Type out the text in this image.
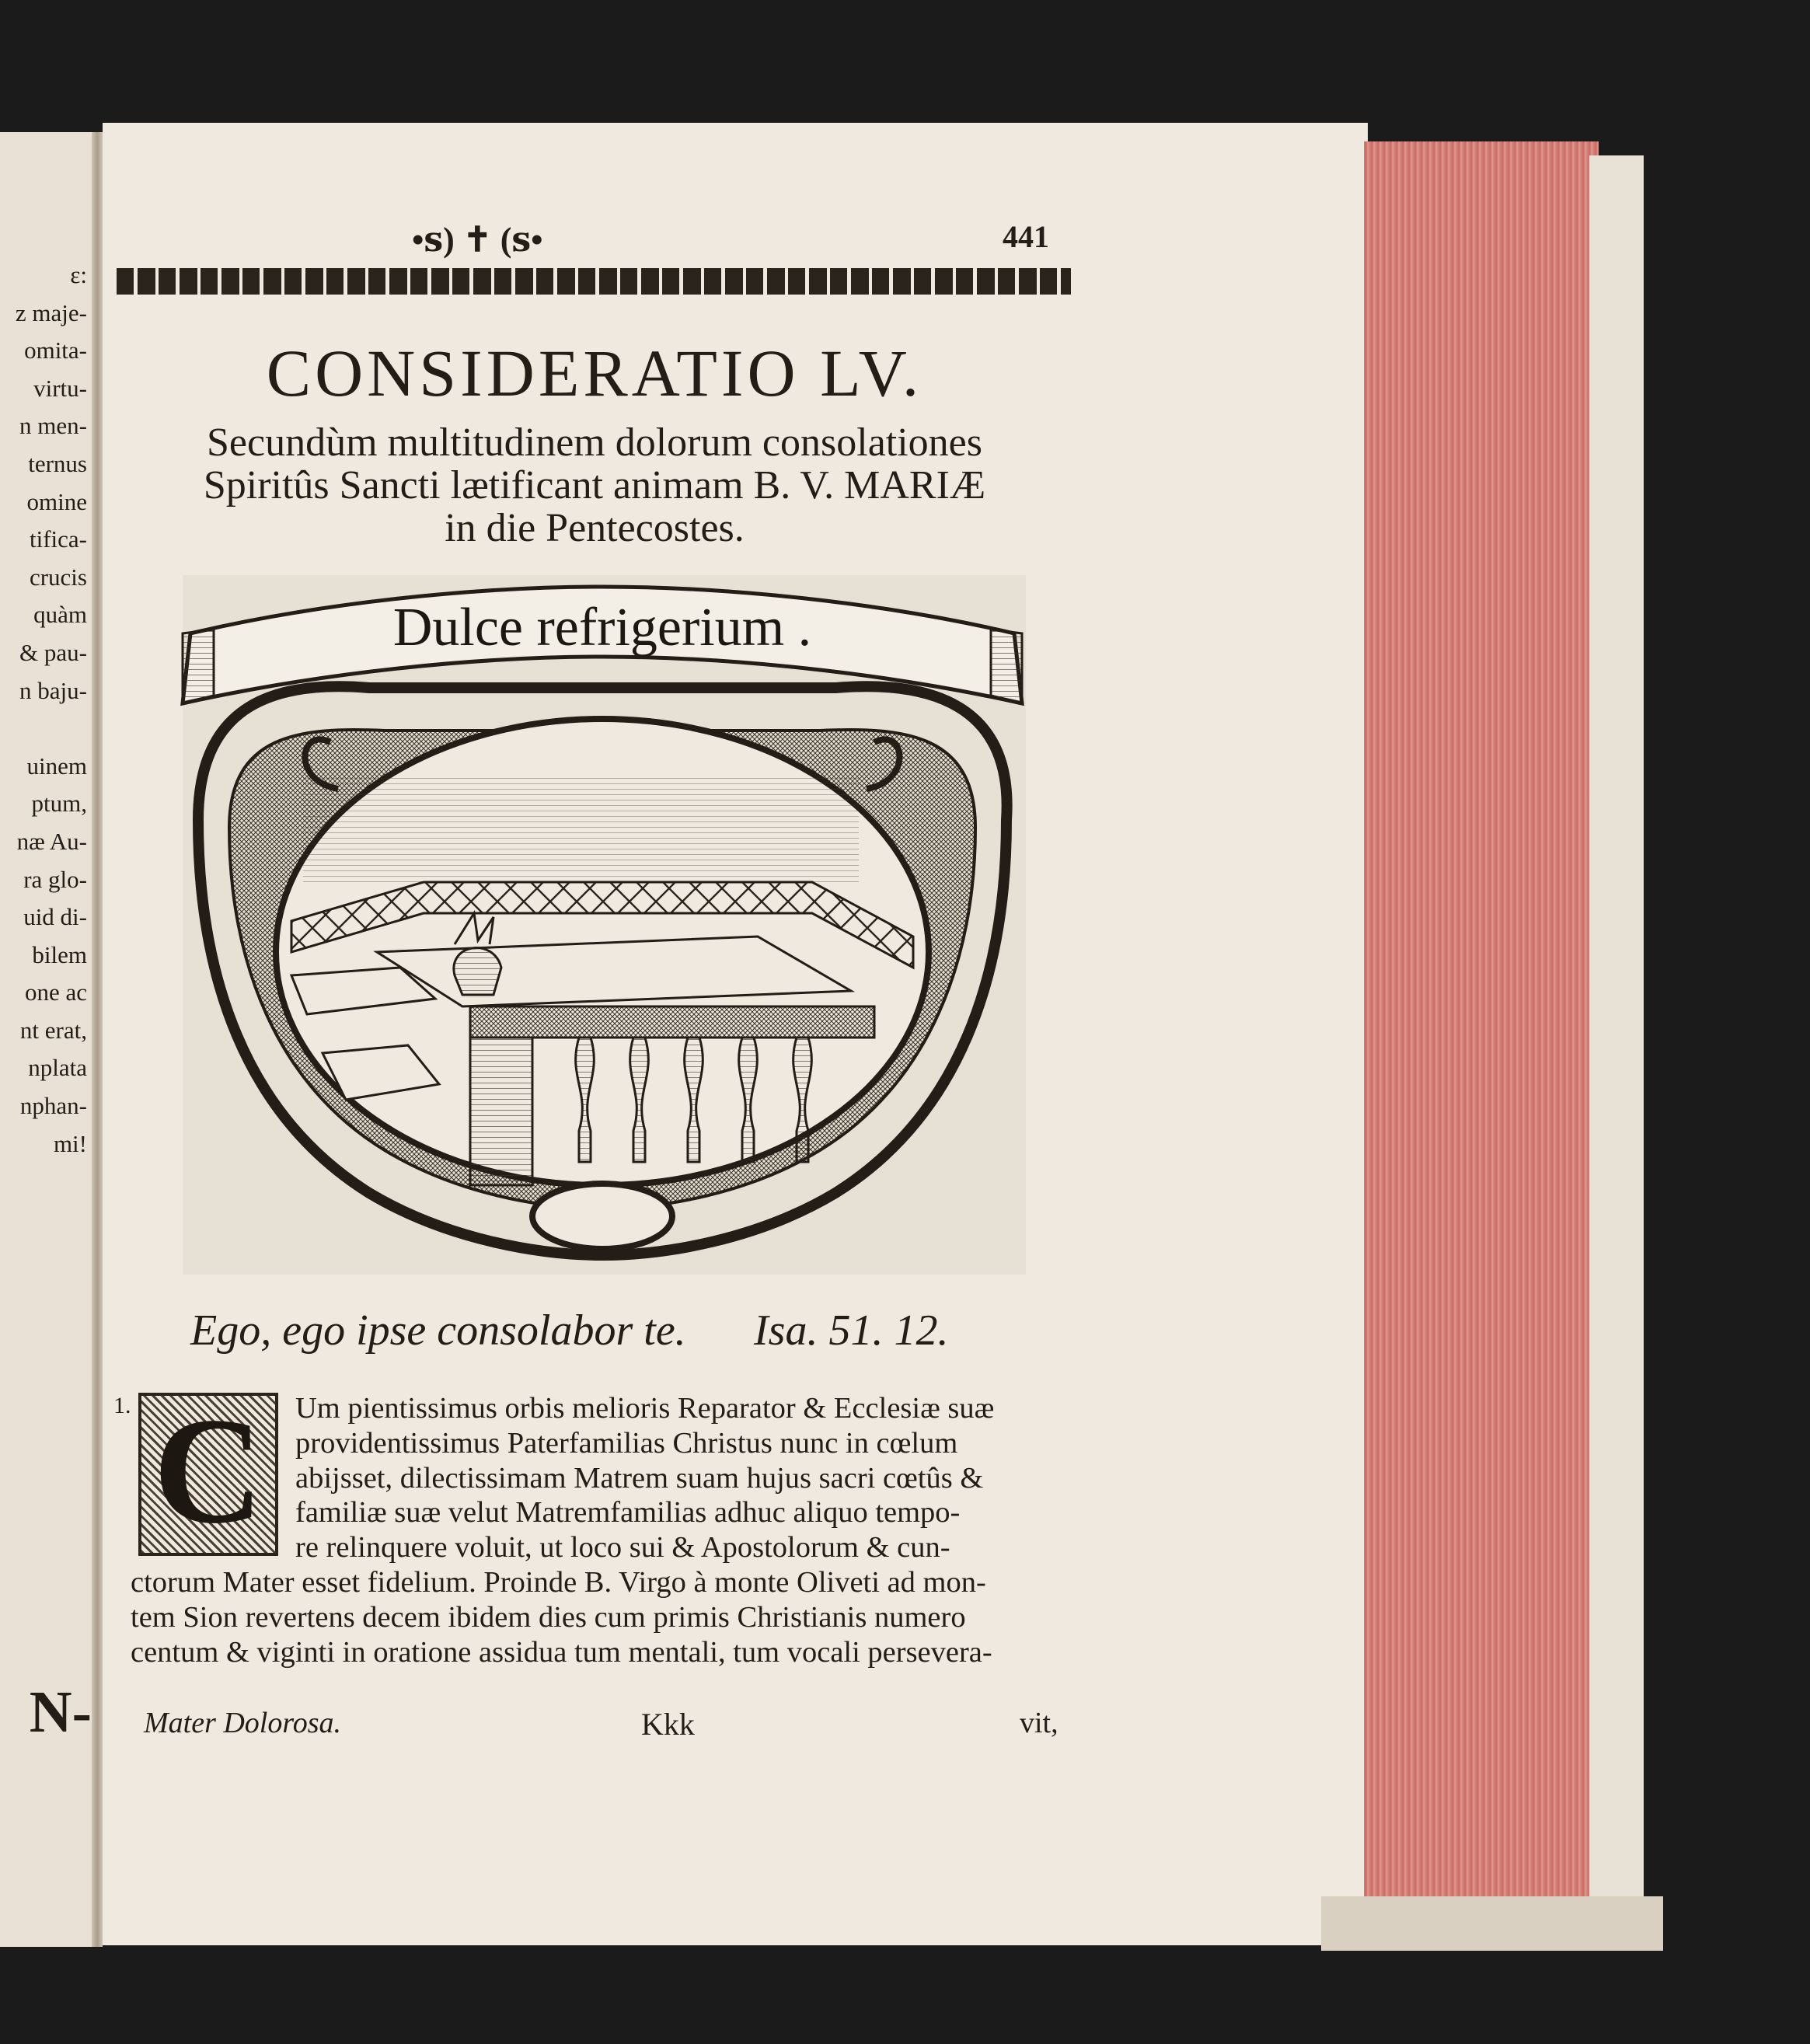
ε:
z maje-
omita-
virtu-
n men-
ternus
omine
tifica-
crucis
quàm
& pau-
n baju-
uinem
ptum,
næ Au-
ra glo-
uid di-
bilem
one ac
nt erat,
nplata
nphan-
mi!
N-
•ꜱ) ✝ (ꜱ•	441
CONSIDERATIO LV.
Secundùm multitudinem dolorum consolationes
Spiritûs Sancti lætificant animam B. V. MARIÆ
in die Pentecostes.
Dulce refrigerium .
Ego, ego ipse consolabor te. Isa. 51. 12.
C	Um pientissimus orbis melioris Reparator & Ecclesiæ suæ
providentissimus Paterfamilias Christus nunc in cœlum
abijsset, dilectissimam Matrem suam hujus sacri cœtûs &
familiæ suæ velut Matremfamilias adhuc aliquo tempo-
re relinquere voluit, ut loco sui & Apostolorum & cun-
ctorum Mater esset fidelium. Proinde B. Virgo à monte Oliveti ad mon-
tem Sion revertens decem ibidem dies cum primis Christianis numero
centum & viginti in oratione assidua tum mentali, tum vocali persevera-
1.
Mater Dolorosa.	Kkk	vit,
